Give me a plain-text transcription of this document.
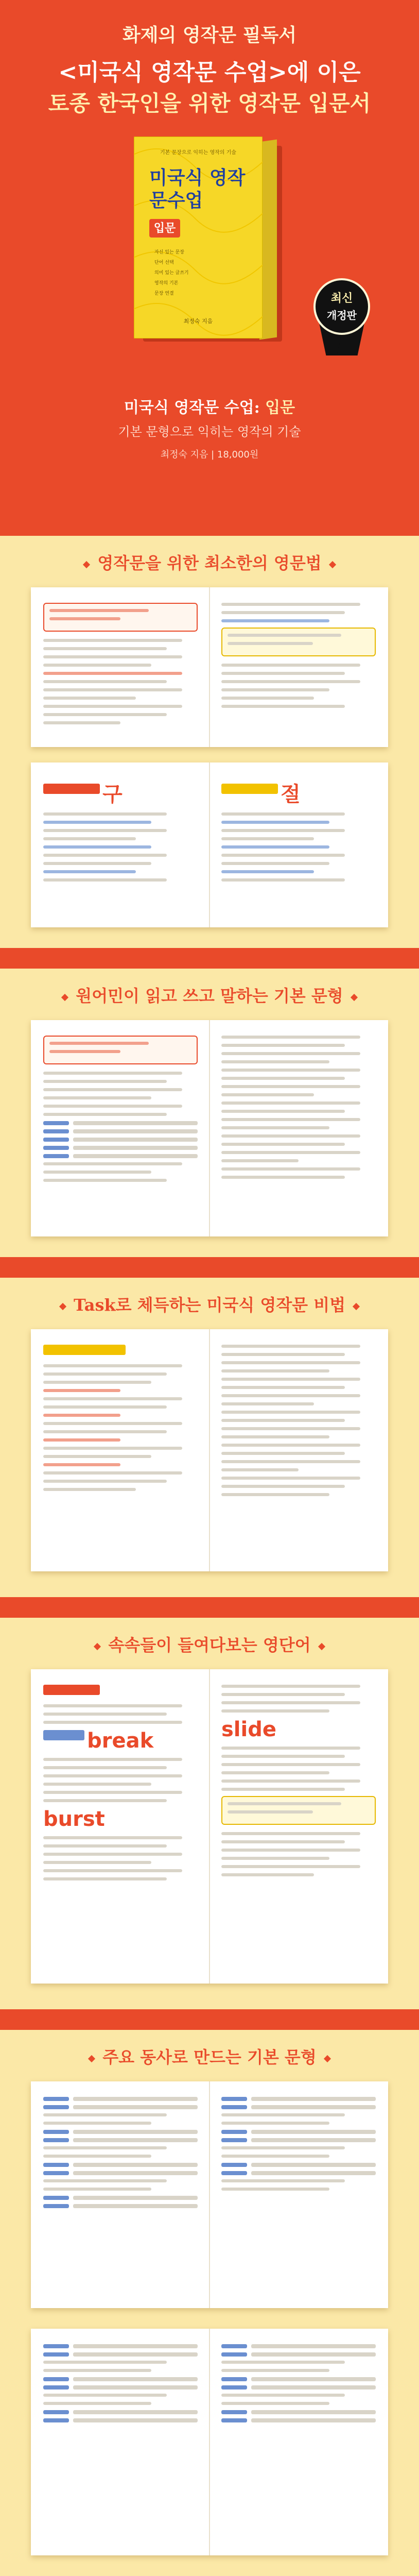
화제의 영작문 필독서
<미국식 영작문 수업>에 이은
토종 한국인을 위한 영작문 입문서
기본 문장으로 익히는 영작의 기술
미국식 영작문수업
입문
자신 있는 문장
단어 선택
의미 있는 글쓰기
영작의 기본
문장 연결
최정숙 지음
최신
개정판
미국식 영작문 수업: 입문
기본 문형으로 익히는 영작의 기술
최정숙 지음 | 18,000원
영작문을 위한 최소한의 영문법
구	절
원어민이 읽고 쓰고 말하는 기본 문형
Task로 체득하는 미국식 영작문 비법
속속들이 들여다보는 영단어
break
burst
slide
주요 동사로 만드는 기본 문형
